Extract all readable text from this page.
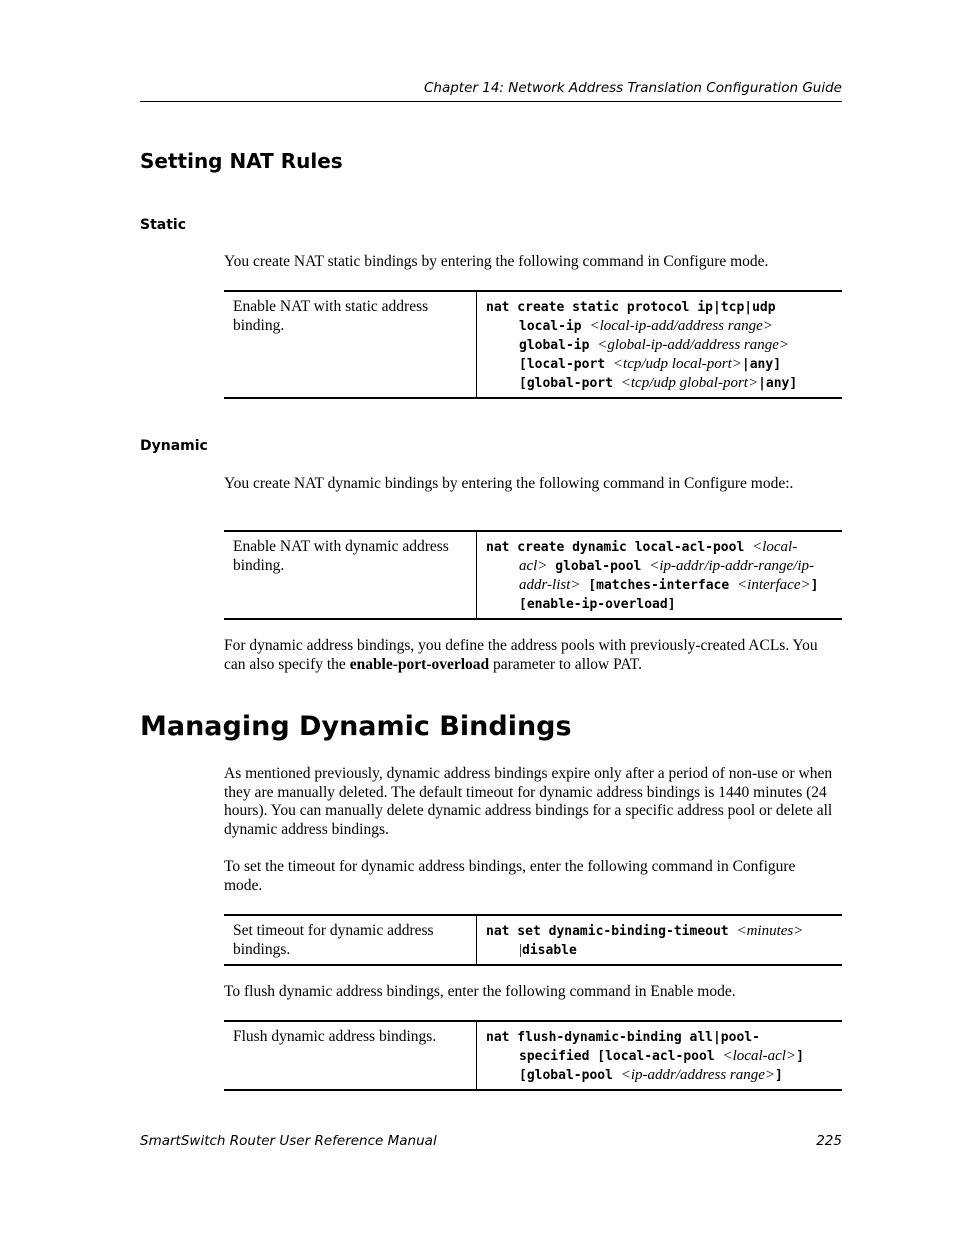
Chapter 14: Network Address Translation Configuration Guide
Setting NAT Rules
Static

You create NAT static bindings by entering the following command in Configure mode.

Enable NAT with static address binding.
nat create static protocol ip|tcp|udp
local-ip <local-ip-add/address range>
global-ip <global-ip-add/address range>
[local-port <tcp/udp local-port>|any]
[global-port <tcp/udp global-port>|any]
Dynamic

You create NAT dynamic bindings by entering the following command in Configure mode:.

Enable NAT with dynamic address binding.
nat create dynamic local-acl-pool <local-
acl> global-pool <ip-addr/ip-addr-range/ip-
addr-list> [matches-interface <interface>]
[enable-ip-overload]

For dynamic address bindings, you define the address pools with previously-created ACLs. You can also specify the enable-port-overload parameter to allow PAT.

Managing Dynamic Bindings

As mentioned previously, dynamic address bindings expire only after a period of non-use or when they are manually deleted. The default timeout for dynamic address bindings is 1440 minutes (24 hours). You can manually delete dynamic address bindings for a specific address pool or delete all dynamic address bindings.

To set the timeout for dynamic address bindings, enter the following command in Configure mode.

Set timeout for dynamic address bindings.
nat set dynamic-binding-timeout <minutes>
|disable

To flush dynamic address bindings, enter the following command in Enable mode.

Flush dynamic address bindings.	nat flush-dynamic-binding all|pool-
specified [local-acl-pool <local-acl>]
[global-pool <ip-addr/address range>]
SmartSwitch Router User Reference Manual	225
